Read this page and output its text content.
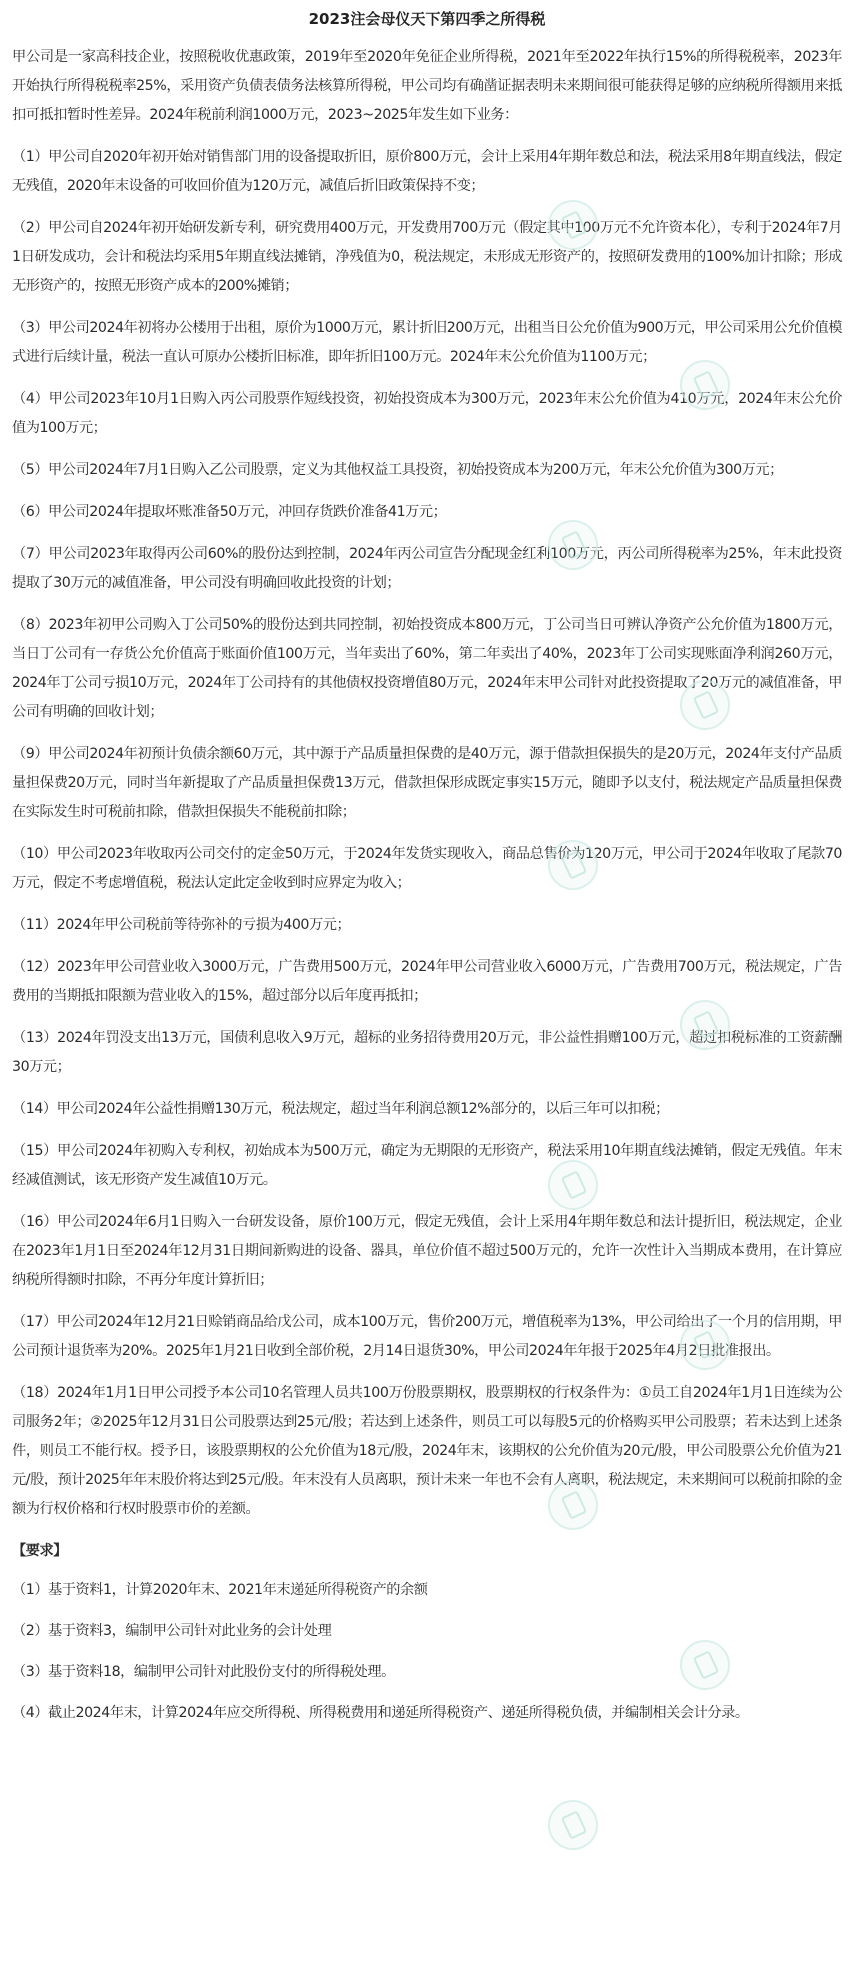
2023注会母仪天下第四季之所得税

甲公司是一家高科技企业，按照税收优惠政策，2019年至2020年免征企业所得税，2021年至2022年执行15%的所得税税率，2023年开始执行所得税税率25%，采用资产负债表债务法核算所得税，甲公司均有确凿证据表明未来期间很可能获得足够的应纳税所得额用来抵扣可抵扣暂时性差异。2024年税前利润1000万元，2023~2025年发生如下业务：

（1）甲公司自2020年初开始对销售部门用的设备提取折旧，原价800万元，会计上采用4年期年数总和法，税法采用8年期直线法，假定无残值，2020年末设备的可收回价值为120万元，减值后折旧政策保持不变；

（2）甲公司自2024年初开始研发新专利，研究费用400万元，开发费用700万元（假定其中100万元不允许资本化），专利于2024年7月1日研发成功，会计和税法均采用5年期直线法摊销，净残值为0，税法规定，未形成无形资产的，按照研发费用的100%加计扣除；形成无形资产的，按照无形资产成本的200%摊销；

（3）甲公司2024年初将办公楼用于出租，原价为1000万元，累计折旧200万元，出租当日公允价值为900万元，甲公司采用公允价值模式进行后续计量，税法一直认可原办公楼折旧标准，即年折旧100万元。2024年末公允价值为1100万元；

（4）甲公司2023年10月1日购入丙公司股票作短线投资，初始投资成本为300万元，2023年末公允价值为410万元，2024年末公允价值为100万元；

（5）甲公司2024年7月1日购入乙公司股票，定义为其他权益工具投资，初始投资成本为200万元，年末公允价值为300万元；

（6）甲公司2024年提取坏账准备50万元，冲回存货跌价准备41万元；

（7）甲公司2023年取得丙公司60%的股份达到控制，2024年丙公司宣告分配现金红利100万元，丙公司所得税率为25%，年末此投资提取了30万元的减值准备，甲公司没有明确回收此投资的计划；

（8）2023年初甲公司购入丁公司50%的股份达到共同控制，初始投资成本800万元，丁公司当日可辨认净资产公允价值为1800万元，当日丁公司有一存货公允价值高于账面价值100万元，当年卖出了60%，第二年卖出了40%，2023年丁公司实现账面净利润260万元，2024年丁公司亏损10万元，2024年丁公司持有的其他债权投资增值80万元，2024年末甲公司针对此投资提取了20万元的减值准备，甲公司有明确的回收计划；

（9）甲公司2024年初预计负债余额60万元，其中源于产品质量担保费的是40万元，源于借款担保损失的是20万元，2024年支付产品质量担保费20万元，同时当年新提取了产品质量担保费13万元，借款担保形成既定事实15万元，随即予以支付，税法规定产品质量担保费在实际发生时可税前扣除，借款担保损失不能税前扣除；

（10）甲公司2023年收取丙公司交付的定金50万元，于2024年发货实现收入，商品总售价为120万元，甲公司于2024年收取了尾款70万元，假定不考虑增值税，税法认定此定金收到时应界定为收入；

（11）2024年甲公司税前等待弥补的亏损为400万元；

（12）2023年甲公司营业收入3000万元，广告费用500万元，2024年甲公司营业收入6000万元，广告费用700万元，税法规定，广告费用的当期抵扣限额为营业收入的15%，超过部分以后年度再抵扣；

（13）2024年罚没支出13万元，国债利息收入9万元，超标的业务招待费用20万元，非公益性捐赠100万元，超过扣税标准的工资薪酬30万元；

（14）甲公司2024年公益性捐赠130万元，税法规定，超过当年利润总额12%部分的，以后三年可以扣税；

（15）甲公司2024年初购入专利权，初始成本为500万元，确定为无期限的无形资产，税法采用10年期直线法摊销，假定无残值。年末经减值测试，该无形资产发生减值10万元。

（16）甲公司2024年6月1日购入一台研发设备，原价100万元，假定无残值，会计上采用4年期年数总和法计提折旧，税法规定，企业在2023年1月1日至2024年12月31日期间新购进的设备、器具，单位价值不超过500万元的，允许一次性计入当期成本费用，在计算应纳税所得额时扣除，不再分年度计算折旧；

（17）甲公司2024年12月21日赊销商品给戊公司，成本100万元，售价200万元，增值税率为13%，甲公司给出了一个月的信用期，甲公司预计退货率为20%。2025年1月21日收到全部价税，2月14日退货30%，甲公司2024年年报于2025年4月2日批准报出。

（18）2024年1月1日甲公司授予本公司10名管理人员共100万份股票期权，股票期权的行权条件为：①员工自2024年1月1日连续为公司服务2年；②2025年12月31日公司股票达到25元/股；若达到上述条件，则员工可以每股5元的价格购买甲公司股票；若未达到上述条件，则员工不能行权。授予日，该股票期权的公允价值为18元/股，2024年末，该期权的公允价值为20元/股，甲公司股票公允价值为21元/股，预计2025年年末股价将达到25元/股。年末没有人员离职，预计未来一年也不会有人离职，税法规定，未来期间可以税前扣除的金额为行权价格和行权时股票市价的差额。

【要求】

（1）基于资料1，计算2020年末、2021年末递延所得税资产的余额

（2）基于资料3，编制甲公司针对此业务的会计处理

（3）基于资料18，编制甲公司针对此股份支付的所得税处理。

（4）截止2024年末，计算2024年应交所得税、所得税费用和递延所得税资产、递延所得税负债，并编制相关会计分录。
